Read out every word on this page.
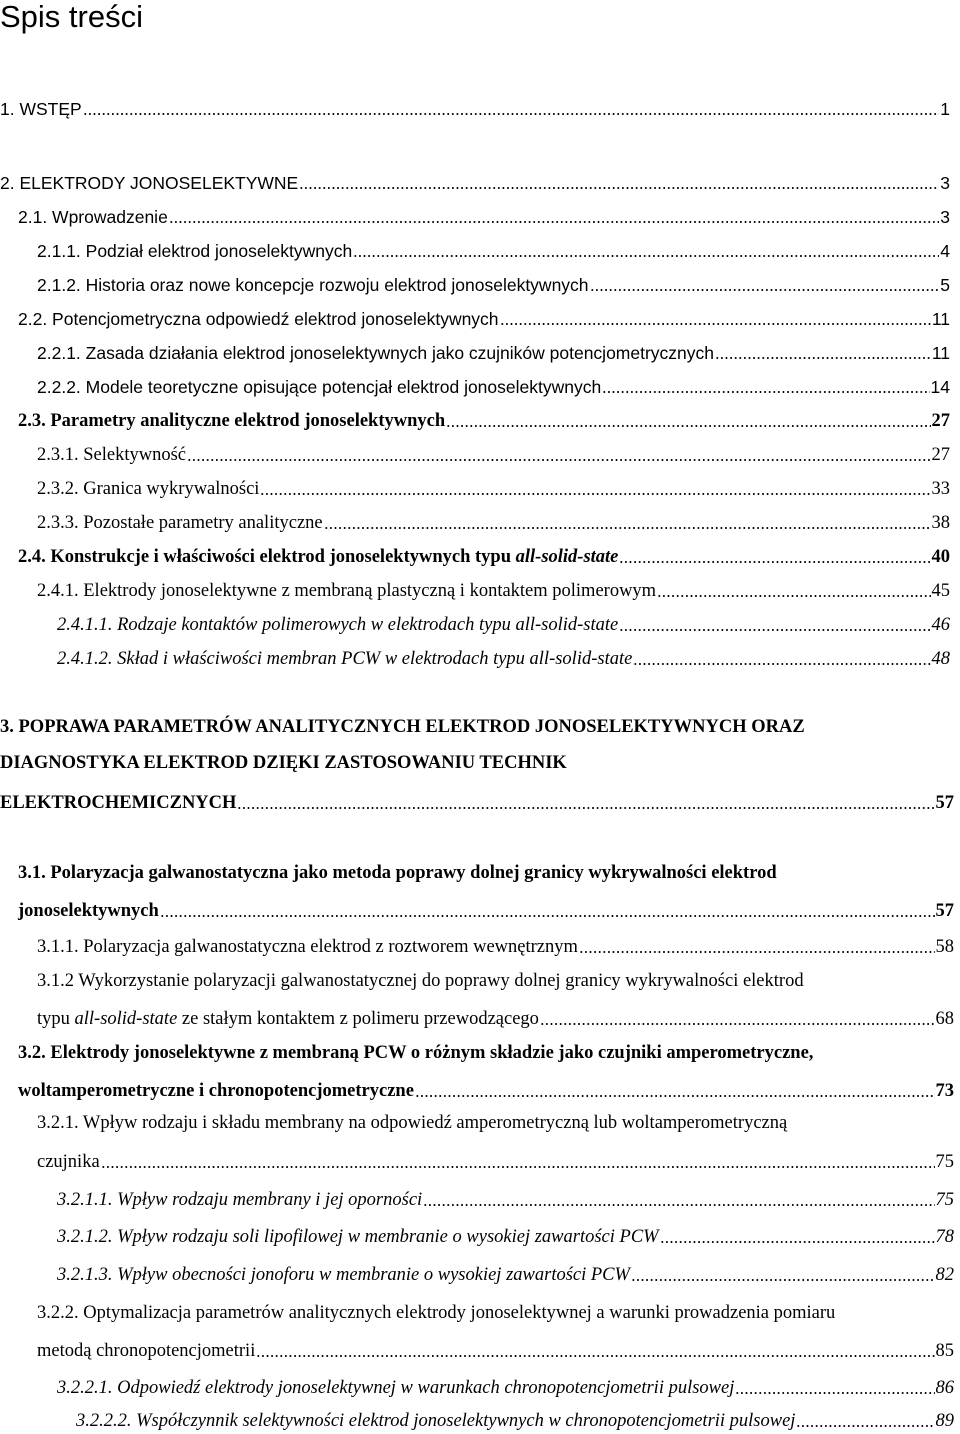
Spis treści
1. WSTĘP	1
2. ELEKTRODY JONOSELEKTYWNE	3
2.1. Wprowadzenie	3
2.1.1. Podział elektrod jonoselektywnych	4
2.1.2. Historia oraz nowe koncepcje rozwoju elektrod jonoselektywnych	5
2.2. Potencjometryczna odpowiedź elektrod jonoselektywnych	11
2.2.1. Zasada działania elektrod jonoselektywnych jako czujników potencjometrycznych	11
2.2.2. Modele teoretyczne opisujące potencjał elektrod jonoselektywnych	14
2.3. Parametry analityczne elektrod jonoselektywnych	27
2.3.1. Selektywność	27
2.3.2. Granica wykrywalności	33
2.3.3. Pozostałe parametry analityczne	38
2.4. Konstrukcje i właściwości elektrod jonoselektywnych typu all-solid-state	40
2.4.1. Elektrody jonoselektywne z membraną plastyczną i kontaktem polimerowym	45
2.4.1.1. Rodzaje kontaktów polimerowych w elektrodach typu all-solid-state	46
2.4.1.2. Skład i właściwości membran PCW w elektrodach typu all-solid-state	48
3. POPRAWA PARAMETRÓW ANALITYCZNYCH ELEKTROD JONOSELEKTYWNYCH ORAZ
DIAGNOSTYKA ELEKTROD DZIĘKI ZASTOSOWANIU TECHNIK
ELEKTROCHEMICZNYCH	57
3.1. Polaryzacja galwanostatyczna jako metoda poprawy dolnej granicy wykrywalności elektrod
jonoselektywnych	57
3.1.1. Polaryzacja galwanostatyczna elektrod z roztworem wewnętrznym	58
3.1.2 Wykorzystanie polaryzacji galwanostatycznej do poprawy dolnej granicy wykrywalności elektrod
typu all-solid-state ze stałym kontaktem z polimeru przewodzącego	68
3.2. Elektrody jonoselektywne z membraną PCW o różnym składzie jako czujniki amperometryczne,
woltamperometryczne i chronopotencjometryczne	73
3.2.1. Wpływ rodzaju i składu membrany na odpowiedź amperometryczną lub woltamperometryczną
czujnika	75
3.2.1.1. Wpływ rodzaju membrany i jej oporności	75
3.2.1.2. Wpływ rodzaju soli lipofilowej w membranie o wysokiej zawartości PCW	78
3.2.1.3. Wpływ obecności jonoforu w membranie o wysokiej zawartości PCW	82
3.2.2. Optymalizacja parametrów analitycznych elektrody jonoselektywnej a warunki prowadzenia pomiaru
metodą chronopotencjometrii	85
3.2.2.1. Odpowiedź elektrody jonoselektywnej w warunkach chronopotencjometrii pulsowej	86
3.2.2.2. Współczynnik selektywności elektrod jonoselektywnych w chronopotencjometrii pulsowej	89
